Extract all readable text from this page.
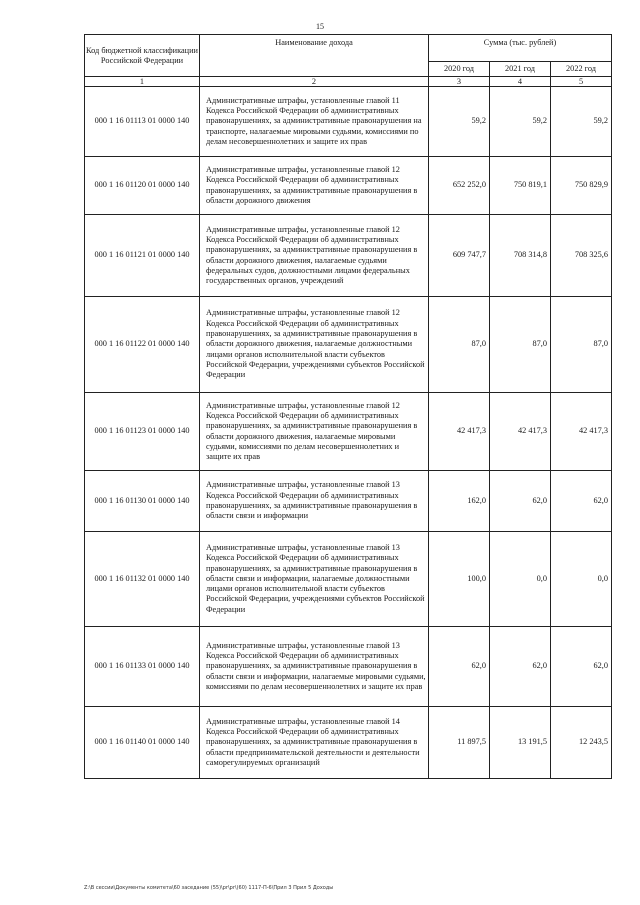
15
Код бюджетной классификации Российской Федерации	Наименование дохода	Сумма (тыс. рублей)		
		2020 год	2021 год	2022 год
1	2	3	4	5
000 1 16 01113 01 0000 140	Административные штрафы, установленные главой 11 Кодекса Российской Федерации об административных правонарушениях, за административные правонарушения на транспорте, налагаемые мировыми судьями, комиссиями по делам несовершеннолетних и защите их прав	59,2	59,2	59,2
000 1 16 01120 01 0000 140	Административные штрафы, установленные главой 12 Кодекса Российской Федерации об административных правонарушениях, за административные правонарушения в области дорожного движения	652 252,0	750 819,1	750 829,9
000 1 16 01121 01 0000 140	Административные штрафы, установленные главой 12 Кодекса Российской Федерации об административных правонарушениях, за административные правонарушения в области дорожного движения, налагаемые судьями федеральных судов, должностными лицами федеральных государственных органов, учреждений	609 747,7	708 314,8	708 325,6
000 1 16 01122 01 0000 140	Административные штрафы, установленные главой 12 Кодекса Российской Федерации об административных правонарушениях, за административные правонарушения в области дорожного движения, налагаемые должностными лицами органов исполнительной власти субъектов Российской Федерации, учреждениями субъектов Российской Федерации	87,0	87,0	87,0
000 1 16 01123 01 0000 140	Административные штрафы, установленные главой 12 Кодекса Российской Федерации об административных правонарушениях, за административные правонарушения в области дорожного движения, налагаемые мировыми судьями, комиссиями по делам несовершеннолетних и защите их прав	42 417,3	42 417,3	42 417,3
000 1 16 01130 01 0000 140	Административные штрафы, установленные главой 13 Кодекса Российской Федерации об административных правонарушениях, за административные правонарушения в области связи и информации	162,0	62,0	62,0
000 1 16 01132 01 0000 140	Административные штрафы, установленные главой 13 Кодекса Российской Федерации об административных правонарушениях, за административные правонарушения в области связи и информации, налагаемые должностными лицами органов исполнительной власти субъектов Российской Федерации, учреждениями субъектов Российской Федерации	100,0	0,0	0,0
000 1 16 01133 01 0000 140	Административные штрафы, установленные главой 13 Кодекса Российской Федерации об административных правонарушениях, за административные правонарушения в области связи и информации, налагаемые мировыми судьями, комиссиями по делам несовершеннолетних и защите их прав	62,0	62,0	62,0
000 1 16 01140 01 0000 140	Административные штрафы, установленные главой 14 Кодекса Российской Федерации об административных правонарушениях, за административные правонарушения в области предпринимательской деятельности и деятельности саморегулируемых организаций	11 897,5	13 191,5	12 243,5
Z:\В сессии\Документы комитета\60 заседание (55)\pr\pr\(60) 1117-П-6\Прил 3 Прил 5 Доходы
